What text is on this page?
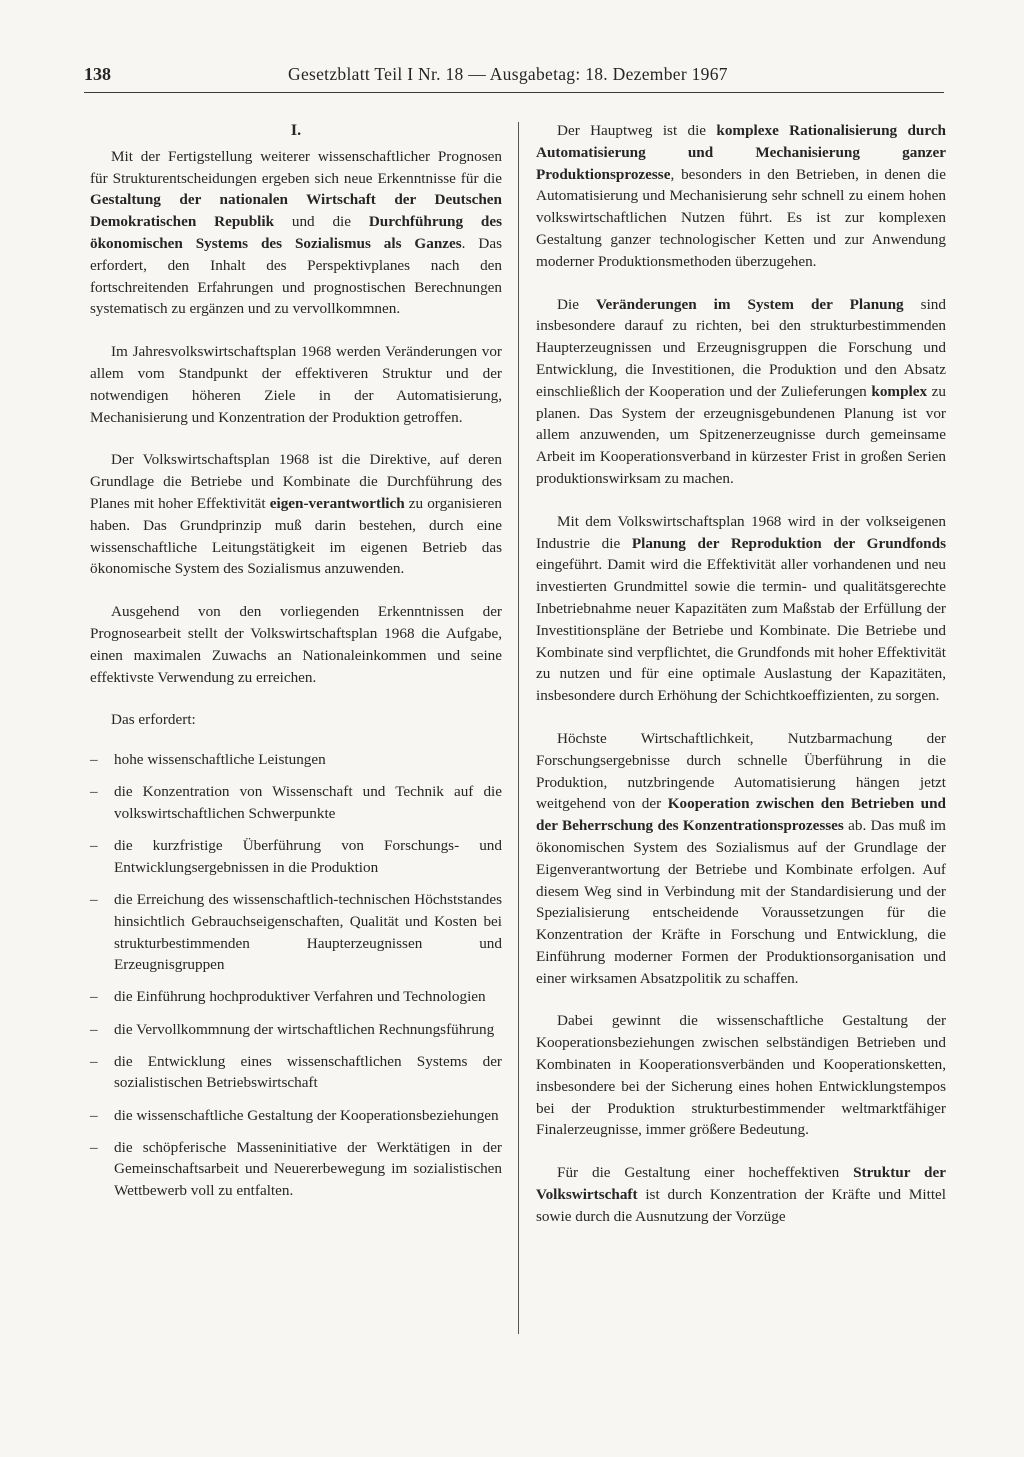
138	Gesetzblatt Teil I Nr. 18 — Ausgabetag: 18. Dezember 1967

I.

Mit der Fertigstellung weiterer wissenschaftlicher Prognosen für Strukturentscheidungen ergeben sich neue Erkenntnisse für die Gestaltung der nationalen Wirtschaft der Deutschen Demokratischen Republik und die Durchführung des ökonomischen Systems des Sozialismus als Ganzes. Das erfordert, den Inhalt des Perspektivplanes nach den fortschreitenden Erfahrungen und prognostischen Berechnungen systematisch zu ergänzen und zu vervollkommnen.

Im Jahresvolkswirtschaftsplan 1968 werden Veränderungen vor allem vom Standpunkt der effektiveren Struktur und der notwendigen höheren Ziele in der Automatisierung, Mechanisierung und Konzentration der Produktion getroffen.

Der Volkswirtschaftsplan 1968 ist die Direktive, auf deren Grundlage die Betriebe und Kombinate die Durchführung des Planes mit hoher Effektivität eigen-verantwortlich zu organisieren haben. Das Grundprinzip muß darin bestehen, durch eine wissenschaftliche Leitungstätigkeit im eigenen Betrieb das ökonomische System des Sozialismus anzuwenden.

Ausgehend von den vorliegenden Erkenntnissen der Prognosearbeit stellt der Volkswirtschaftsplan 1968 die Aufgabe, einen maximalen Zuwachs an Nationaleinkommen und seine effektivste Verwendung zu erreichen.

Das erfordert:

– hohe wissenschaftliche Leistungen
– die Konzentration von Wissenschaft und Technik auf die volkswirtschaftlichen Schwerpunkte
– die kurzfristige Überführung von Forschungs- und Entwicklungsergebnissen in die Produktion
– die Erreichung des wissenschaftlich-technischen Höchststandes hinsichtlich Gebrauchseigenschaften, Qualität und Kosten bei strukturbestimmenden Haupterzeugnissen und Erzeugnisgruppen
– die Einführung hochproduktiver Verfahren und Technologien
– die Vervollkommnung der wirtschaftlichen Rechnungsführung
– die Entwicklung eines wissenschaftlichen Systems der sozialistischen Betriebswirtschaft
– die wissenschaftliche Gestaltung der Kooperationsbeziehungen
– die schöpferische Masseninitiative der Werktätigen in der Gemeinschaftsarbeit und Neuererbewegung im sozialistischen Wettbewerb voll zu entfalten.

Der Hauptweg ist die komplexe Rationalisierung durch Automatisierung und Mechanisierung ganzer Produktionsprozesse, besonders in den Betrieben, in denen die Automatisierung und Mechanisierung sehr schnell zu einem hohen volkswirtschaftlichen Nutzen führt. Es ist zur komplexen Gestaltung ganzer technologischer Ketten und zur Anwendung moderner Produktionsmethoden überzugehen.

Die Veränderungen im System der Planung sind insbesondere darauf zu richten, bei den strukturbestimmenden Haupterzeugnissen und Erzeugnisgruppen die Forschung und Entwicklung, die Investitionen, die Produktion und den Absatz einschließlich der Kooperation und der Zulieferungen komplex zu planen. Das System der erzeugnisgebundenen Planung ist vor allem anzuwenden, um Spitzenerzeugnisse durch gemeinsame Arbeit im Kooperationsverband in kürzester Frist in großen Serien produktionswirksam zu machen.

Mit dem Volkswirtschaftsplan 1968 wird in der volkseigenen Industrie die Planung der Reproduktion der Grundfonds eingeführt. Damit wird die Effektivität aller vorhandenen und neu investierten Grundmittel sowie die termin- und qualitätsgerechte Inbetriebnahme neuer Kapazitäten zum Maßstab der Erfüllung der Investitionspläne der Betriebe und Kombinate. Die Betriebe und Kombinate sind verpflichtet, die Grundfonds mit hoher Effektivität zu nutzen und für eine optimale Auslastung der Kapazitäten, insbesondere durch Erhöhung der Schichtkoeffizienten, zu sorgen.

Höchste Wirtschaftlichkeit, Nutzbarmachung der Forschungsergebnisse durch schnelle Überführung in die Produktion, nutzbringende Automatisierung hängen jetzt weitgehend von der Kooperation zwischen den Betrieben und der Beherrschung des Konzentrationsprozesses ab. Das muß im ökonomischen System des Sozialismus auf der Grundlage der Eigenverantwortung der Betriebe und Kombinate erfolgen. Auf diesem Weg sind in Verbindung mit der Standardisierung und der Spezialisierung entscheidende Voraussetzungen für die Konzentration der Kräfte in Forschung und Entwicklung, die Einführung moderner Formen der Produktionsorganisation und einer wirksamen Absatzpolitik zu schaffen.

Dabei gewinnt die wissenschaftliche Gestaltung der Kooperationsbeziehungen zwischen selbständigen Betrieben und Kombinaten in Kooperationsverbänden und Kooperationsketten, insbesondere bei der Sicherung eines hohen Entwicklungstempos bei der Produktion strukturbestimmender weltmarktfähiger Finalerzeugnisse, immer größere Bedeutung.

Für die Gestaltung einer hocheffektiven Struktur der Volkswirtschaft ist durch Konzentration der Kräfte und Mittel sowie durch die Ausnutzung der Vorzüge
